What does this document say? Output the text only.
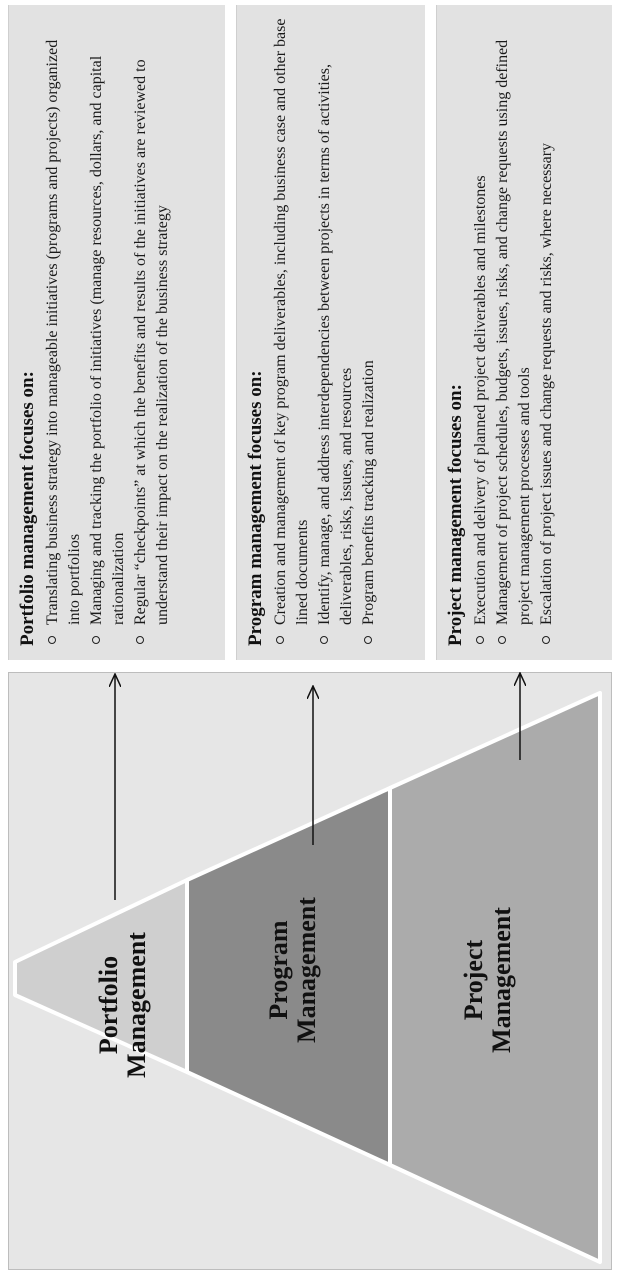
Portfolio Management	Program Management	Project Management
Portfolio management focuses on: Translating business strategy into manageable initiatives (programs and projects) organized into portfolios Managing and tracking the portfolio of initiatives (manage resources, dollars, and capital rationalization Regular “checkpoints” at which the benefits and results of the initiatives are reviewed to understand their impact on the realization of the business strategy	Program management focuses on: Creation and management of key program deliverables, including business case and other base lined documents Identify, manage, and address interdependencies between projects in terms of activities, deliverables, risks, issues, and resources Program benefits tracking and realization	Project management focuses on: Execution and delivery of planned project deliverables and milestones Management of project schedules, budgets, issues, risks, and change requests using defined project management processes and tools Escalation of project issues and change requests and risks, where necessary
